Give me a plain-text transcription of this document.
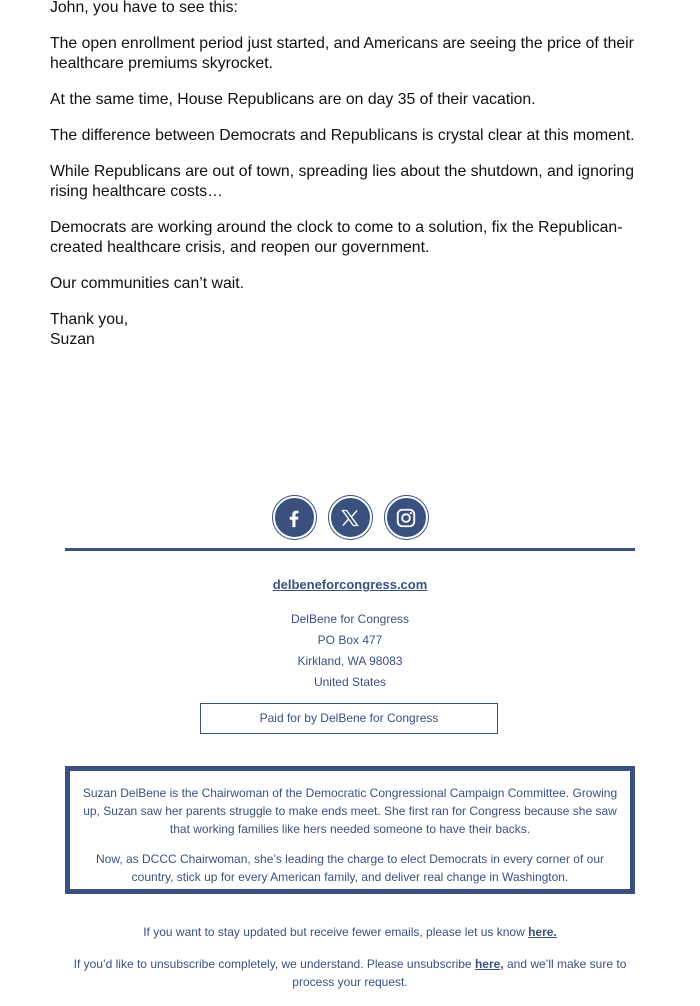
John, you have to see this:

The open enrollment period just started, and Americans are seeing the price of their healthcare premiums skyrocket.

At the same time, House Republicans are on day 35 of their vacation.

The difference between Democrats and Republicans is crystal clear at this moment.

While Republicans are out of town, spreading lies about the shutdown, and ignoring rising healthcare costs…

Democrats are working around the clock to come to a solution, fix the Republican-created healthcare crisis, and reopen our government.

Our communities can’t wait.

Thank you,

Suzan

delbeneforcongress.com
DelBene for Congress
PO Box 477
Kirkland, WA 98083
United States
Paid for by DelBene for Congress

Suzan DelBene is the Chairwoman of the Democratic Congressional Campaign Committee. Growing up, Suzan saw her parents struggle to make ends meet. She first ran for Congress because she saw that working families like hers needed someone to have their backs.

Now, as DCCC Chairwoman, she’s leading the charge to elect Democrats in every corner of our country, stick up for every American family, and deliver real change in Washington.

If you want to stay updated but receive fewer emails, please let us know here.
If you’d like to unsubscribe completely, we understand. Please unsubscribe here, and we’ll make sure to process your request.
